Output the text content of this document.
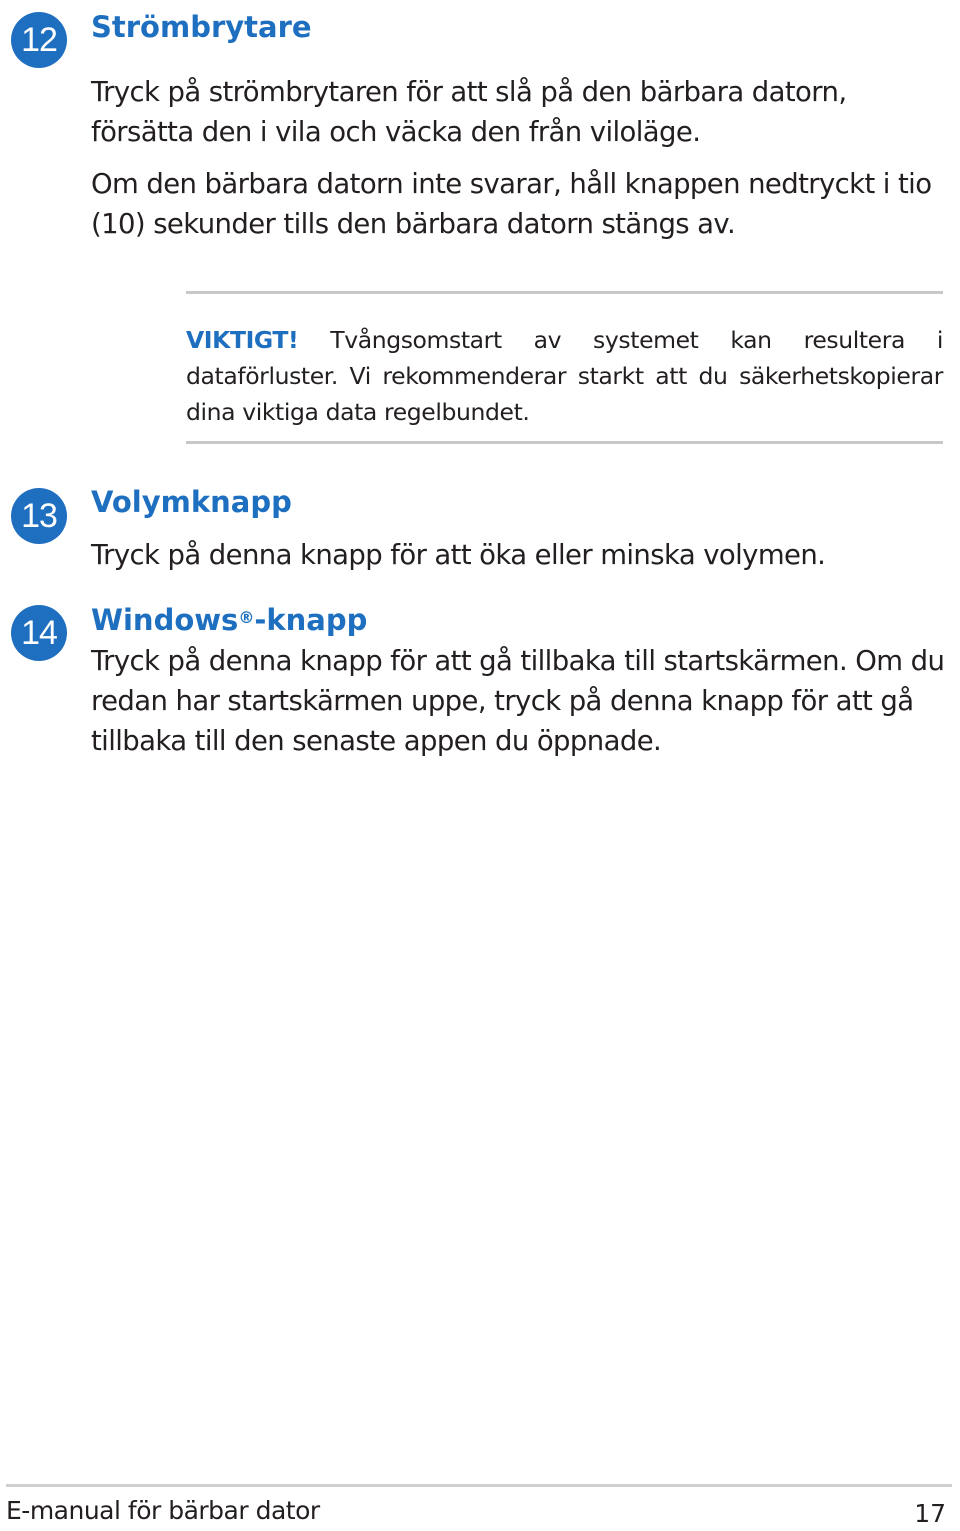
12	Strömbrytare

Tryck på strömbrytaren för att slå på den bärbara datorn, försätta den i vila och väcka den från viloläge.

Om den bärbara datorn inte svarar, håll knappen nedtryckt i tio (10) sekunder tills den bärbara datorn stängs av.

VIKTIGT! Tvångsomstart av systemet kan resultera i dataförluster. Vi rekommenderar starkt att du säkerhetskopierar dina viktiga data regelbundet.

13	Volymknapp

Tryck på denna knapp för att öka eller minska volymen.

14	Windows®-knapp

Tryck på denna knapp för att gå tillbaka till startskärmen. Om du redan har startskärmen uppe, tryck på denna knapp för att gå tillbaka till den senaste appen du öppnade.

E-manual för bärbar dator	17
